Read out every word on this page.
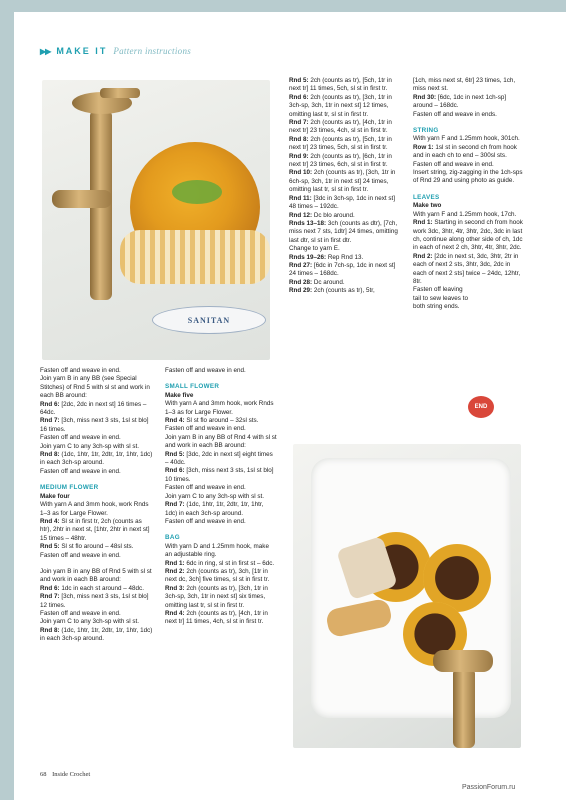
▶▶ MAKE IT Pattern instructions
SANITAN

Fasten off and weave in end.

Join yarn B in any BB (see Special Stitches) of Rnd 5 with sl st and work in each BB around:

Rnd 6: [2dc, 2dc in next st] 16 times – 64dc.

Rnd 7: [3ch, miss next 3 sts, 1sl st blo] 16 times.

Fasten off and weave in end.

Join yarn C to any 3ch-sp with sl st.

Rnd 8: (1dc, 1htr, 1tr, 2dtr, 1tr, 1htr, 1dc) in each 3ch-sp around.

Fasten off and weave in end.

MEDIUM FLOWER

Make four

With yarn A and 3mm hook, work Rnds 1–3 as for Large Flower.

Rnd 4: Sl st in first tr, 2ch (counts as htr), 2htr in next st, [1htr, 2htr in next st] 15 times – 48htr.

Rnd 5: Sl st flo around – 48sl sts.

Fasten off and weave in end.

Join yarn B in any BB of Rnd 5 with sl st and work in each BB around:

Rnd 6: 1dc in each st around – 48dc.

Rnd 7: [3ch, miss next 3 sts, 1sl st blo] 12 times.

Fasten off and weave in end.

Join yarn C to any 3ch-sp with sl st.

Rnd 8: (1dc, 1htr, 1tr, 2dtr, 1tr, 1htr, 1dc) in each 3ch-sp around.

Fasten off and weave in end.

SMALL FLOWER

Make five

With yarn A and 3mm hook, work Rnds 1–3 as for Large Flower.

Rnd 4: Sl st flo around – 32sl sts.

Fasten off and weave in end.

Join yarn B in any BB of Rnd 4 with sl st and work in each BB around:

Rnd 5: [3dc, 2dc in next st] eight times – 40dc.

Rnd 6: [3ch, miss next 3 sts, 1sl st blo] 10 times.

Fasten off and weave in end.

Join yarn C to any 3ch-sp with sl st.

Rnd 7: (1dc, 1htr, 1tr, 2dtr, 1tr, 1htr, 1dc) in each 3ch-sp around.

Fasten off and weave in end.

BAG

With yarn D and 1.25mm hook, make an adjustable ring.

Rnd 1: 6dc in ring, sl st in first st – 6dc.

Rnd 2: 2ch (counts as tr), 3ch, [1tr in next dc, 3ch] five times, sl st in first tr.

Rnd 3: 2ch (counts as tr), [3ch, 1tr in 3ch-sp, 3ch, 1tr in next st] six times, omitting last tr, sl st in first tr.

Rnd 4: 2ch (counts as tr), [4ch, 1tr in next tr] 11 times, 4ch, sl st in first tr.

Rnd 5: 2ch (counts as tr), [5ch, 1tr in next tr] 11 times, 5ch, sl st in first tr.

Rnd 6: 2ch (counts as tr), [3ch, 1tr in 3ch-sp, 3ch, 1tr in next st] 12 times, omitting last tr, sl st in first tr.

Rnd 7: 2ch (counts as tr), [4ch, 1tr in next tr] 23 times, 4ch, sl st in first tr.

Rnd 8: 2ch (counts as tr), [5ch, 1tr in next tr] 23 times, 5ch, sl st in first tr.

Rnd 9: 2ch (counts as tr), [6ch, 1tr in next tr] 23 times, 6ch, sl st in first tr.

Rnd 10: 2ch (counts as tr), [3ch, 1tr in 6ch-sp, 3ch, 1tr in next st] 24 times, omitting last tr, sl st in first tr.

Rnd 11: [3dc in 3ch-sp, 1dc in next st] 48 times – 192dc.

Rnd 12: Dc blo around.

Rnds 13–18: 3ch (counts as dtr), [7ch, miss next 7 sts, 1dtr] 24 times, omitting last dtr, sl st in first dtr.

Change to yarn E.

Rnds 19–26: Rep Rnd 13.

Rnd 27: [6dc in 7ch-sp, 1dc in next st] 24 times – 168dc.

Rnd 28: Dc around.

Rnd 29: 2ch (counts as tr), 5tr,

[1ch, miss next st, 6tr] 23 times, 1ch, miss next st.

Rnd 30: [6dc, 1dc in next 1ch-sp] around – 168dc.

Fasten off and weave in ends.

STRING

With yarn F and 1.25mm hook, 301ch.

Row 1: 1sl st in second ch from hook and in each ch to end – 300sl sts.

Fasten off and weave in end.

Insert string, zig-zagging in the 1ch-sps of Rnd 29 and using photo as guide.

LEAVES

Make two

With yarn F and 1.25mm hook, 17ch.

Rnd 1: Starting in second ch from hook work 3dc, 3htr, 4tr, 3htr, 2dc, 3dc in last ch, continue along other side of ch, 1dc in each of next 2 ch, 3htr, 4tr, 3htr, 2dc.

Rnd 2: [2dc in next st, 3dc, 3htr, 2tr in each of next 2 sts, 3htr, 3dc, 2dc in each of next 2 sts] twice – 24dc, 12htr, 8tr.

Fasten off leaving tail to sew leaves to both string ends.

END
68 Inside Crochet
PassionForum.ru
